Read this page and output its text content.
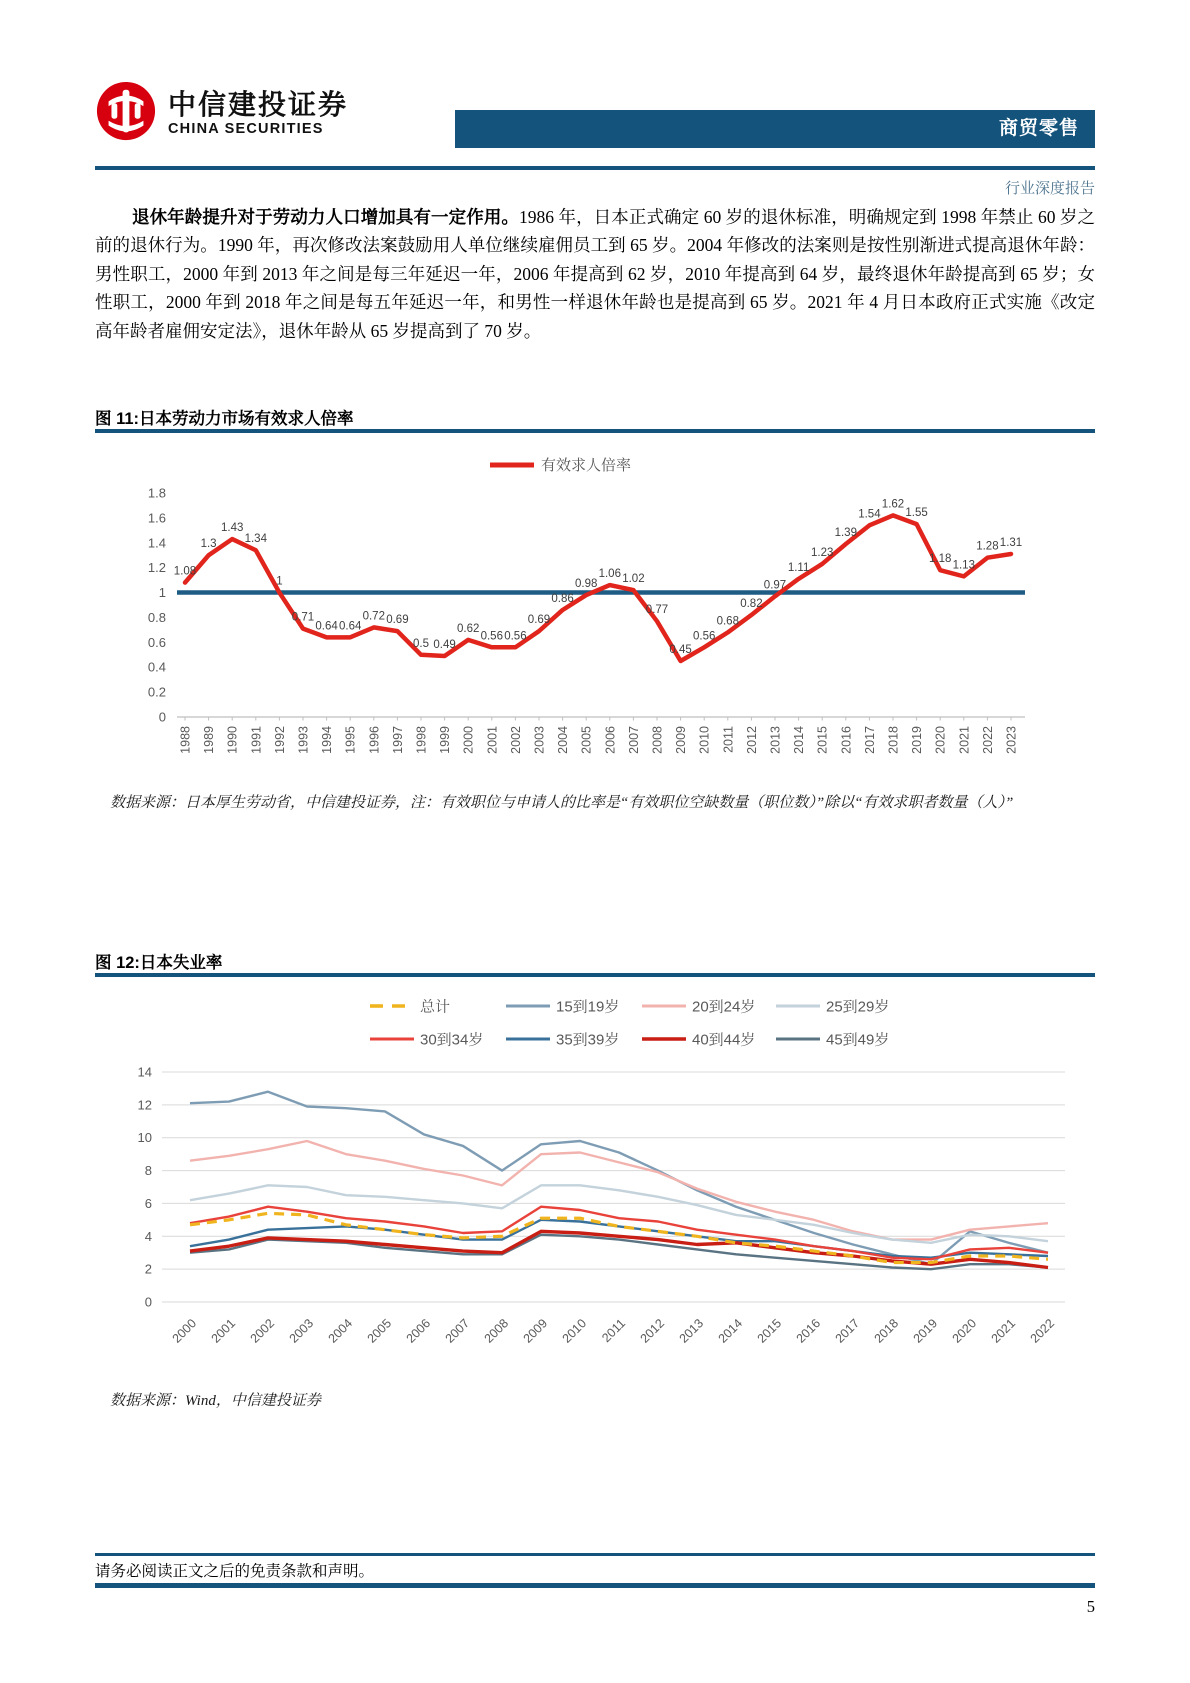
中信建投证券
CHINA SECURITIES	商贸零售
行业深度报告

退休年龄提升对于劳动力人口增加具有一定作用。1986 年，日本正式确定 60 岁的退休标准，明确规定到 1998 年禁止 60 岁之前的退休行为。1990 年，再次修改法案鼓励用人单位继续雇佣员工到 65 岁。2004 年修改的法案则是按性别渐进式提高退休年龄：男性职工，2000 年到 2013 年之间是每三年延迟一年，2006 年提高到 62 岁，2010 年提高到 64 岁，最终退休年龄提高到 65 岁；女性职工，2000 年到 2018 年之间是每五年延迟一年，和男性一样退休年龄也是提高到 65 岁。2021 年 4 月日本政府正式实施《改定高年龄者雇佣安定法》，退休年龄从 65 岁提高到了 70 岁。

图 11:日本劳动力市场有效求人倍率
有效求人倍率
0
0.2
0.4
0.6
0.8
1
1.2
1.4
1.6
1.8
1.08
1.3
1.43
1.34
1
0.71
0.64 0.64
0.72 0.69
0.5 0.49
0.62
0.56 0.56
0.69
0.86
0.98
1.06 1.02
0.77
0.45
0.56
0.68
0.82
0.97
1.11
1.23
1.39
1.54
1.62
1.55
1.18
1.13
1.28 1.31
1988 1989 1990 1991 1992 1993 1994 1995 1996 1997 1998 1999 2000 2001 2002 2003 2004 2005 2006 2007 2008 2009 2010 2011 2012 2013 2014 2015 2016 2017 2018 2019 2020 2021 2022 2023
数据来源：日本厚生劳动省，中信建投证券，注：有效职位与申请人的比率是“有效职位空缺数量（职位数）”除以“有效求职者数量（人）”
图 12:日本失业率
总计	15到19岁	20到24岁	25到29岁
30到34岁	35到39岁	40到44岁	45到49岁
0
2
4
6
8
10
12
14
2000 2001 2002 2003 2004 2005 2006 2007 2008 2009 2010 2011 2012 2013 2014 2015 2016 2017 2018 2019 2020 2021 2022
数据来源：Wind，中信建投证券
请务必阅读正文之后的免责条款和声明。
5
